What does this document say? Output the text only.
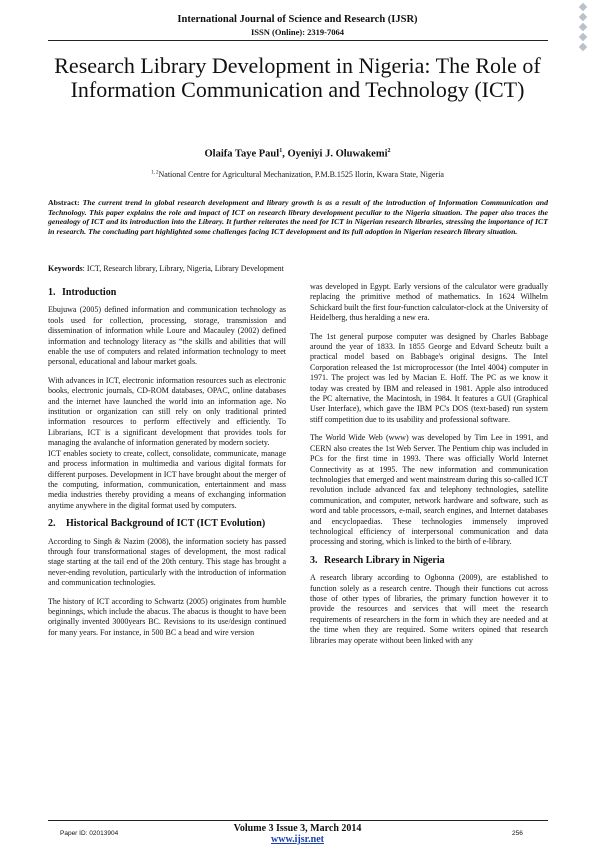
International Journal of Science and Research (IJSR)
ISSN (Online): 2319-7064
Research Library Development in Nigeria: The Role of Information Communication and Technology (ICT)
Olaifa Taye Paul$^1$, Oyeniyi J. Oluwakemi$^2$
$^{1, 2}$National Centre for Agricultural Mechanization, P.M.B.1525 Ilorin, Kwara State, Nigeria
Abstract: The current trend in global research development and library growth is as a result of the introduction of Information Communication and Technology. This paper explains the role and impact of ICT on research library development peculiar to the Nigeria situation. The paper also traces the genealogy of ICT and its introduction into the Library. It further reiterates the need for ICT in Nigerian research libraries, stressing the importance of ICT in research. The concluding part highlighted some challenges facing ICT development and its full adoption in Nigerian research library situation.
Keywords: ICT, Research library, Library, Nigeria, Library Development
1. Introduction

Ebujuwa (2005) defined information and communication technology as tools used for collection, processing, storage, transmission and dissemination of information while Loure and Macauley (2002) defined information and technology literacy as “the skills and abilities that will enable the use of computers and related information technology to meet personal, educational and labour market goals.

With advances in ICT, electronic information resources such as electronic books, electronic journals, CD-ROM databases, OPAC, online databases and the internet have launched the world into an information age. No institution or organization can still rely on only traditional printed information resources to perform effectively and efficiently. To Librarians, ICT is a significant development that provides tools for managing the avalanche of information generated by modern society.

ICT enables society to create, collect, consolidate, communicate, manage and process information in multimedia and various digital formats for different purposes. Development in ICT have brought about the merger of the computing, information, communication, entertainment and mass media industries thereby providing a means of exchanging information anytime anywhere in the digital format used by computers.

2.	Historical Background of ICT (ICT Evolution)

According to Singh & Nazim (2008), the information society has passed through four transformational stages of development, the most radical stage starting at the tail end of the 20th century. This stage has brought a never-ending revolution, particularly with the introduction of information and communication technologies.

The history of ICT according to Schwartz (2005) originates from humble beginnings, which include the abacus. The abacus is thought to have been originally invented 3000years BC. Revisions to its use/design continued for many years. For instance, in 500 BC a bead and wire version

was developed in Egypt. Early versions of the calculator were gradually replacing the primitive method of mathematics. In 1624 Wilhelm Schickard built the first four-function calculator-clock at the University of Heidelberg, thus heralding a new era.

The 1st general purpose computer was designed by Charles Babbage around the year of 1833. In 1855 George and Edvard Scheutz built a practical model based on Babbage's original designs. The Intel Corporation released the 1st microprocessor (the Intel 4004) computer in 1971. The project was led by Macian E. Hoff. The PC as we know it today was created by IBM and released in 1981. Apple also introduced the PC alternative, the Macintosh, in 1984. It features a GUI (Graphical User Interface), which gave the IBM PC's DOS (text-based) run system stiff competition due to its usability and professional software.

The World Wide Web (www) was developed by Tim Lee in 1991, and CERN also creates the 1st Web Server. The Pentium chip was included in PCs for the first time in 1993. There was officially World Internet Connectivity as at 1995. The new information and communication technologies that emerged and went mainstream during this so-called ICT revolution include advanced fax and telephony technologies, satellite communication, and computer, network hardware and software, such as word and table processors, e-mail, search engines, and Internet databases and encyclopaedias. These technologies immensely improved technological efficiency of interpersonal communication and data processing and storing, which is linked to the birth of e-library.

3. Research Library in Nigeria

A research library according to Ogbonna (2009), are established to function solely as a research centre. Though their functions cut across those of other types of libraries, the primary function however it to provide the resources and services that will meet the research requirements of researchers in the form in which they are needed and at the time when they are required. Some writers opined that research libraries may operate without been linked with any

Paper ID: 02013904	Volume 3 Issue 3, March 2014
www.ijsr.net
256
